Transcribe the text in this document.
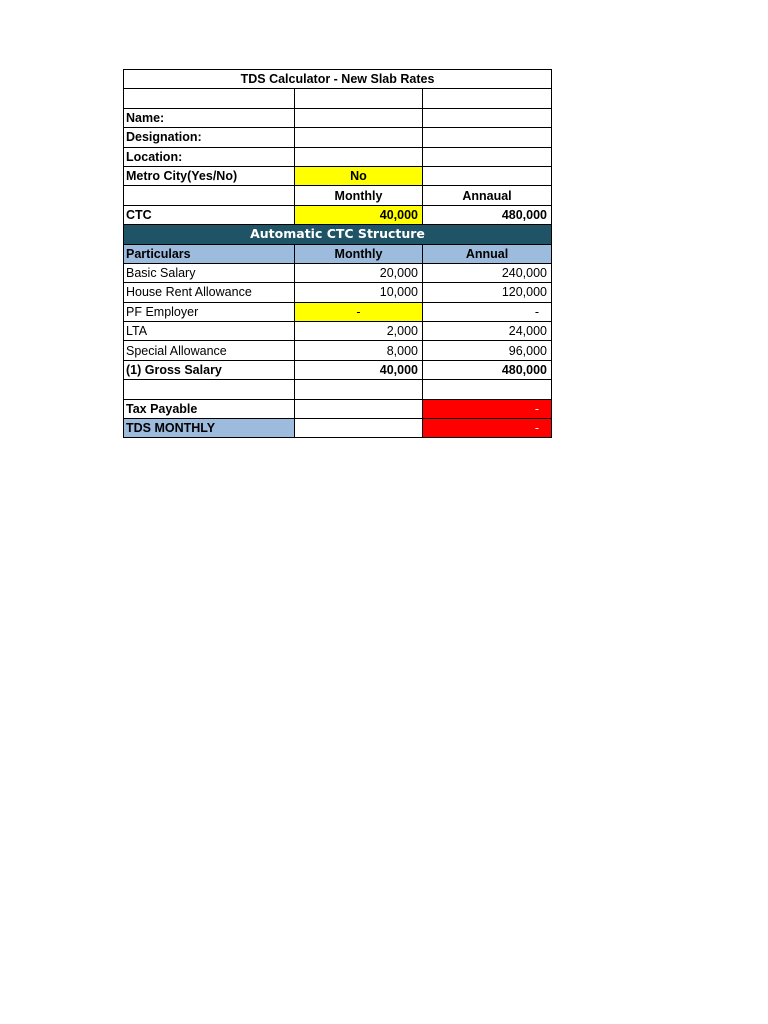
TDS Calculator - New Slab Rates		

Name:		
Designation:		
Location:		
Metro City(Yes/No)	No	
	Monthly	Annaual
CTC	40,000	480,000
Automatic CTC Structure		
Particulars	Monthly	Annual
Basic Salary	20,000	240,000
House Rent Allowance	10,000	120,000
PF Employer	-	-
LTA	2,000	24,000
Special Allowance	8,000	96,000
(1) Gross Salary	40,000	480,000

Tax Payable		-
TDS MONTHLY		-
